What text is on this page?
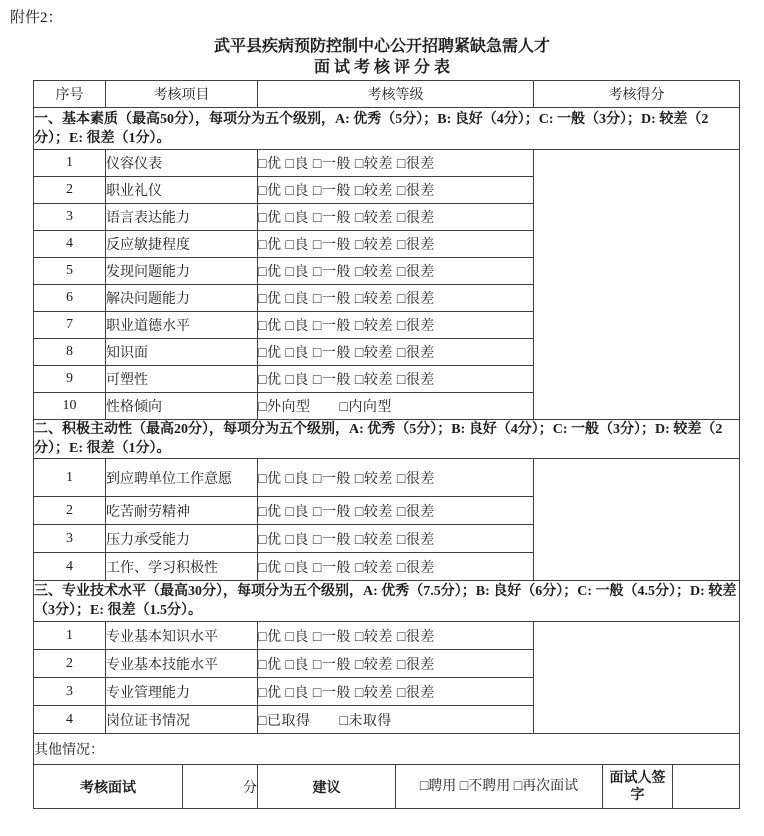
附件2：
武平县疾病预防控制中心公开招聘紧缺急需人才
面 试 考 核 评 分 表
序号	考核项目		考核等级		考核得分		
一、基本素质（最高50分），每项分为五个级别，A: 优秀（5分）；B: 良好（4分）；C: 一般（3分）；D: 较差（2分）；E: 很差（1分）。							
1	仪容仪表		□优 □良 □一般 □较差 □很差				
2	职业礼仪		□优 □良 □一般 □较差 □很差				
3	语言表达能力		□优 □良 □一般 □较差 □很差				
4	反应敏捷程度		□优 □良 □一般 □较差 □很差				
5	发现问题能力		□优 □良 □一般 □较差 □很差				
6	解决问题能力		□优 □良 □一般 □较差 □很差				
7	职业道德水平		□优 □良 □一般 □较差 □很差				
8	知识面		□优 □良 □一般 □较差 □很差				
9	可塑性		□优 □良 □一般 □较差 □很差				
10	性格倾向		□外向型　　□内向型				
二、积极主动性（最高20分），每项分为五个级别，A: 优秀（5分）；B: 良好（4分）；C: 一般（3分）；D: 较差（2分）；E: 很差（1分）。							
1	到应聘单位工作意愿		□优 □良 □一般 □较差 □很差				
2	吃苦耐劳精神		□优 □良 □一般 □较差 □很差				
3	压力承受能力		□优 □良 □一般 □较差 □很差				
4	工作、学习积极性		□优 □良 □一般 □较差 □很差				
三、专业技术水平（最高30分），每项分为五个级别，A: 优秀（7.5分）；B: 良好（6分）；C: 一般（4.5分）；D: 较差（3分）；E: 很差（1.5分）。							
1	专业基本知识水平		□优 □良 □一般 □较差 □很差				
2	专业基本技能水平		□优 □良 □一般 □较差 □很差				
3	专业管理能力		□优 □良 □一般 □较差 □很差				
4	岗位证书情况		□已取得　　□未取得				
其他情况：							
考核面试		分	建议	□聘用 □不聘用 □再次面试		面试人签字	
